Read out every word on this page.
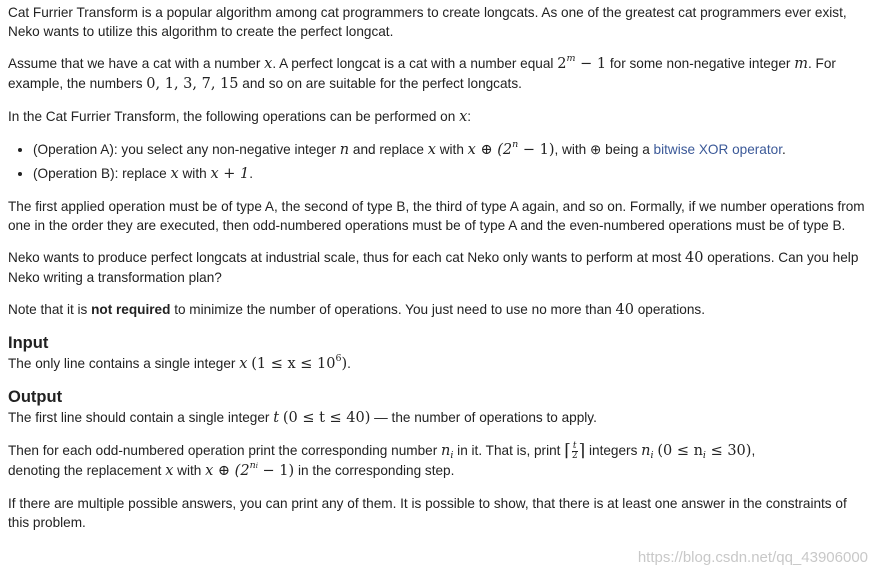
Cat Furrier Transform is a popular algorithm among cat programmers to create longcats. As one of the greatest cat programmers ever exist, Neko wants to utilize this algorithm to create the perfect longcat.

Assume that we have a cat with a number x. A perfect longcat is a cat with a number equal $2^m - 1$ for some non-negative integer m. For example, the numbers 0, 1, 3, 7, 15 and so on are suitable for the perfect longcats.

In the Cat Furrier Transform, the following operations can be performed on x:

• (Operation A): you select any non-negative integer n and replace x with x ⊕ $(2^n - 1)$, with ⊕ being a bitwise XOR operator.
• (Operation B): replace x with x + 1.

The first applied operation must be of type A, the second of type B, the third of type A again, and so on. Formally, if we number operations from one in the order they are executed, then odd-numbered operations must be of type A and the even-numbered operations must be of type B.

Neko wants to produce perfect longcats at industrial scale, thus for each cat Neko only wants to perform at most 40 operations. Can you help Neko writing a transformation plan?

Note that it is not required to minimize the number of operations. You just need to use no more than 40 operations.

Input

The only line contains a single integer x $(1 \le x \le 10^6)$.

Output

The first line should contain a single integer t (0 ≤ t ≤ 40) — the number of operations to apply.

Then for each odd-numbered operation print the corresponding number $n_i$ in it. That is, print ⌈ $\frac{t}{2}$ ⌉ integers $n_i$ $(0 \le n_i \le 30)$,
denoting the replacement x with x ⊕ $(2^{ni} - 1)$ in the corresponding step.

If there are multiple possible answers, you can print any of them. It is possible to show, that there is at least one answer in the constraints of this problem.

https://blog.csdn.net/qq_43906000
